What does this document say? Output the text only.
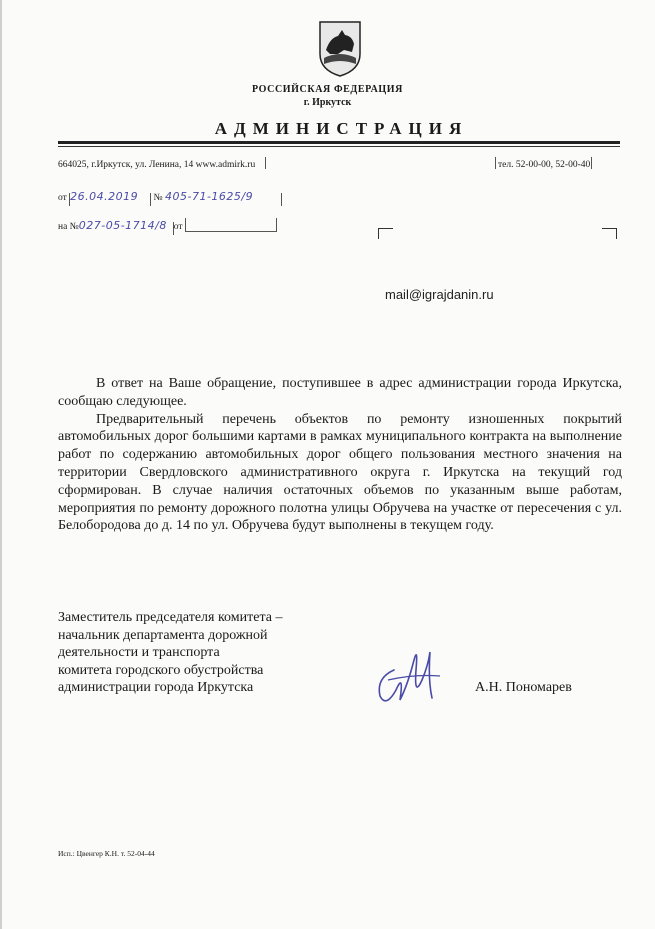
РОССИЙСКАЯ ФЕДЕРАЦИЯ
г. Иркутск
АДМИНИСТРАЦИЯ
664025, г.Иркутск, ул. Ленина, 14 www.admirk.ru	тел. 52-00-00, 52-00-40
от 26.04.2019 № 405-71-1625/9
на №027-05-1714/8 от
mail@igrajdanin.ru

В ответ на Ваше обращение, поступившее в адрес администрации города Иркутска, сообщаю следующее.

Предварительный перечень объектов по ремонту изношенных покрытий автомобильных дорог большими картами в рамках муниципального контракта на выполнение работ по содержанию автомобильных дорог общего пользования местного значения на территории Свердловского административного округа г. Иркутска на текущий год сформирован. В случае наличия остаточных объемов по указанным выше работам, мероприятия по ремонту дорожного полотна улицы Обручева на участке от пересечения с ул. Белобородова до д. 14 по ул. Обручева будут выполнены в текущем году.

Заместитель председателя комитета –
начальник департамента дорожной
деятельности и транспорта
комитета городского обустройства
администрации города Иркутска	А.Н. Пономарев
Исп.: Цвенгер К.Н. т. 52-04-44
